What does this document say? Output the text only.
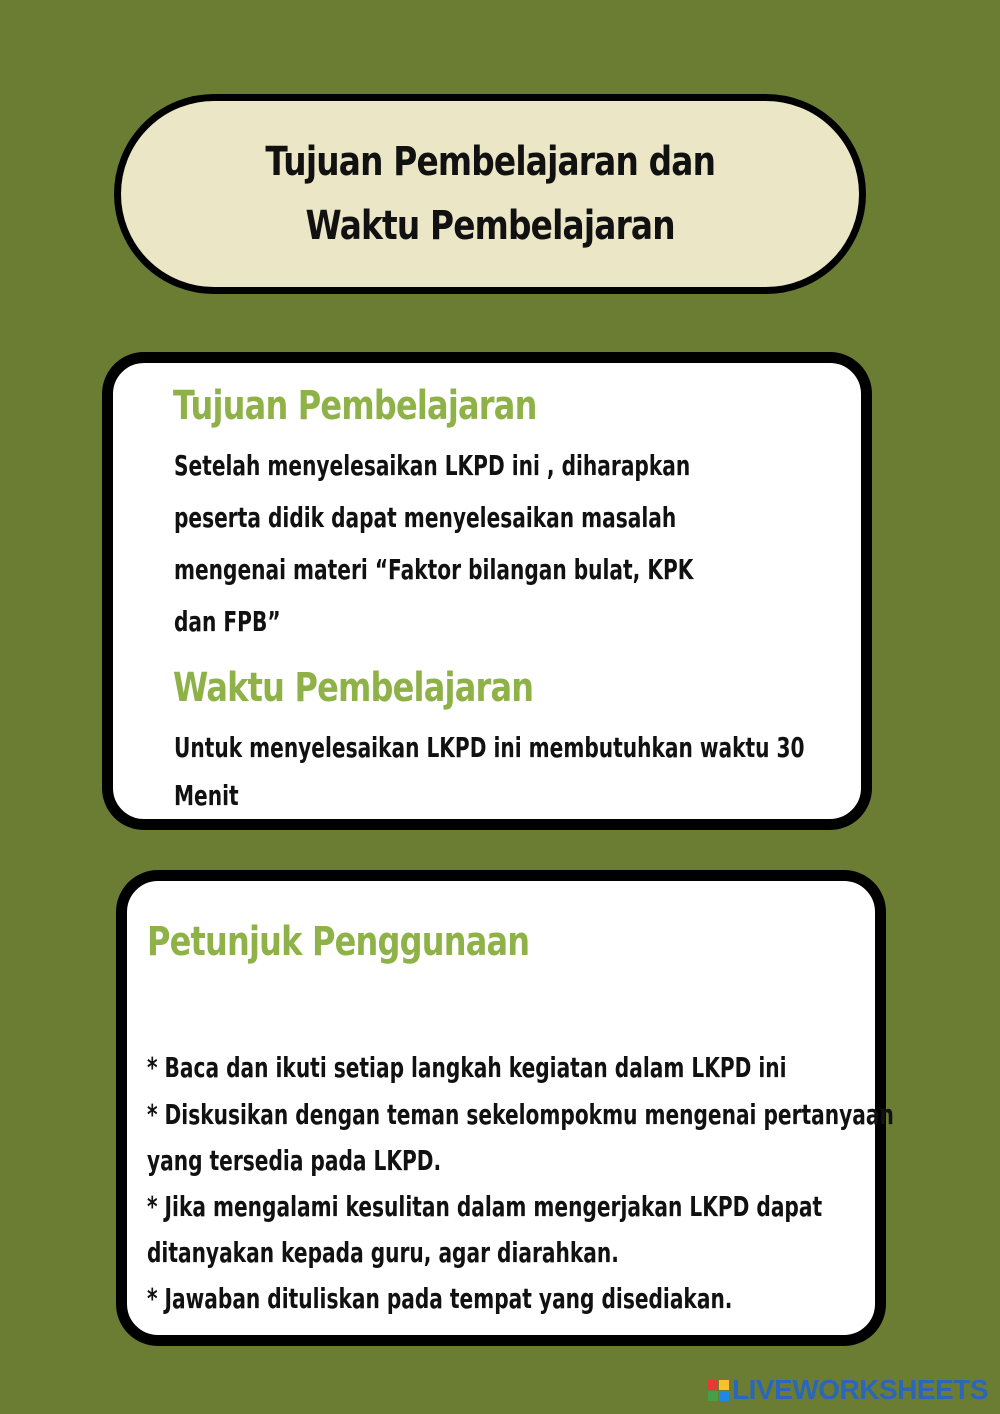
Tujuan Pembelajaran dan
Waktu Pembelajaran
Tujuan Pembelajaran
Setelah menyelesaikan LKPD ini , diharapkan
peserta didik dapat menyelesaikan masalah
mengenai materi “Faktor bilangan bulat, KPK
dan FPB”
Waktu Pembelajaran
Untuk menyelesaikan LKPD ini membutuhkan waktu 30
Menit
Petunjuk Penggunaan
* Baca dan ikuti setiap langkah kegiatan dalam LKPD ini
* Diskusikan dengan teman sekelompokmu mengenai pertanyaan
yang tersedia pada LKPD.
* Jika mengalami kesulitan dalam mengerjakan LKPD dapat
ditanyakan kepada guru, agar diarahkan.
* Jawaban dituliskan pada tempat yang disediakan.
LIVEWORKSHEETS
